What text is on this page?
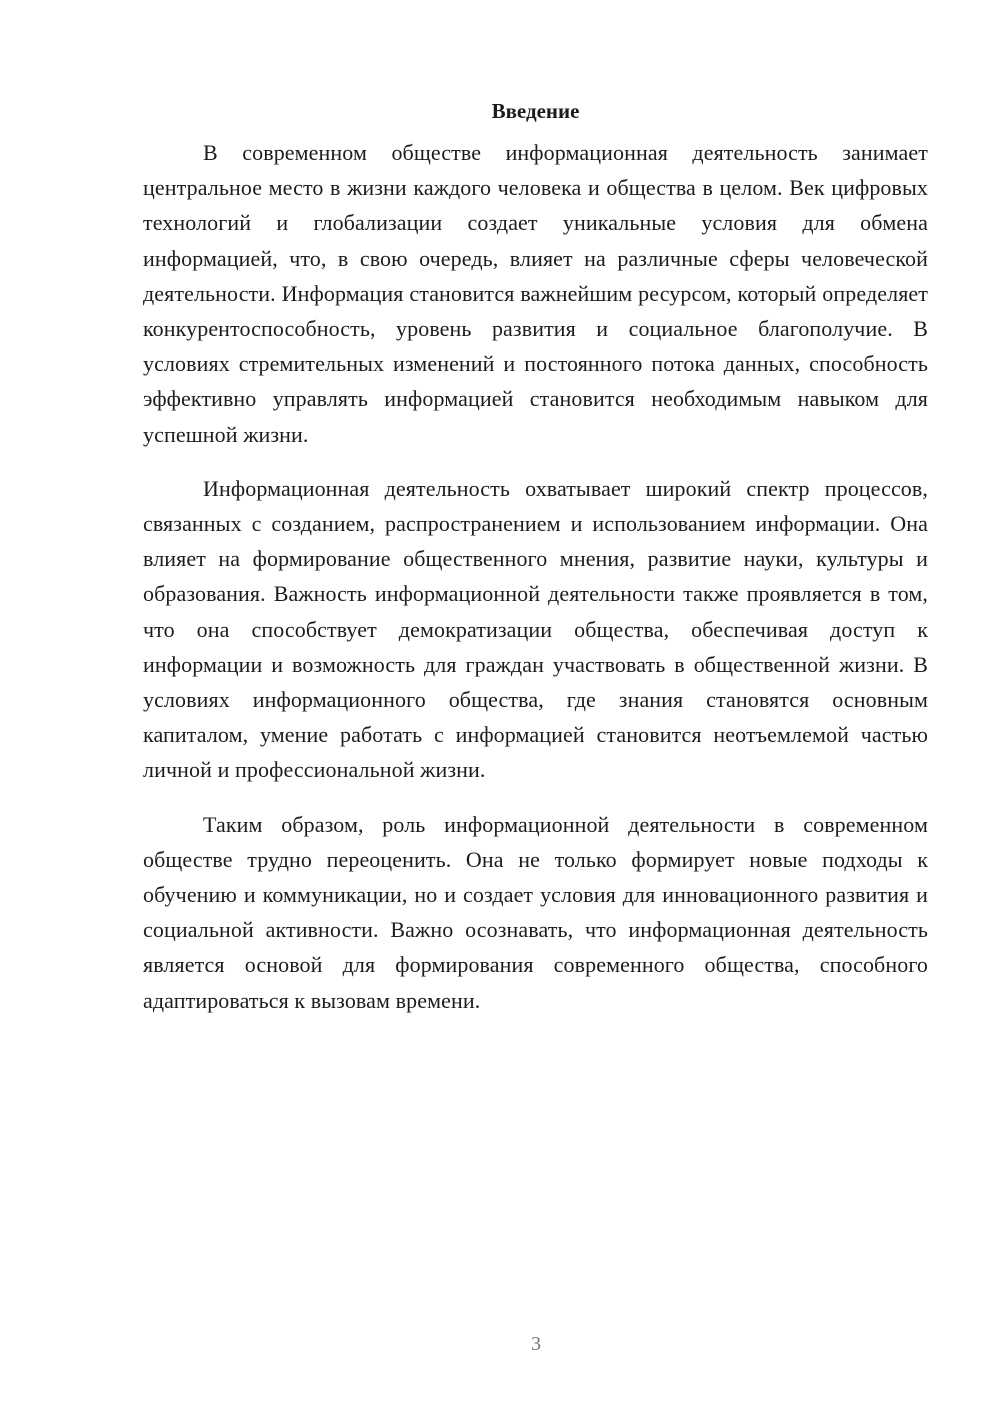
Введение

В современном обществе информационная деятельность занимает центральное место в жизни каждого человека и общества в целом. Век цифровых технологий и глобализации создает уникальные условия для обмена информацией, что, в свою очередь, влияет на различные сферы человеческой деятельности. Информация становится важнейшим ресурсом, который определяет конкурентоспособность, уровень развития и социальное благополучие. В условиях стремительных изменений и постоянного потока данных, способность эффективно управлять информацией становится необходимым навыком для успешной жизни.

Информационная деятельность охватывает широкий спектр процессов, связанных с созданием, распространением и использованием информации. Она влияет на формирование общественного мнения, развитие науки, культуры и образования. Важность информационной деятельности также проявляется в том, что она способствует демократизации общества, обеспечивая доступ к информации и возможность для граждан участвовать в общественной жизни. В условиях информационного общества, где знания становятся основным капиталом, умение работать с информацией становится неотъемлемой частью личной и профессиональной жизни.

Таким образом, роль информационной деятельности в современном обществе трудно переоценить. Она не только формирует новые подходы к обучению и коммуникации, но и создает условия для инновационного развития и социальной активности. Важно осознавать, что информационная деятельность является основой для формирования современного общества, способного адаптироваться к вызовам времени.

3
